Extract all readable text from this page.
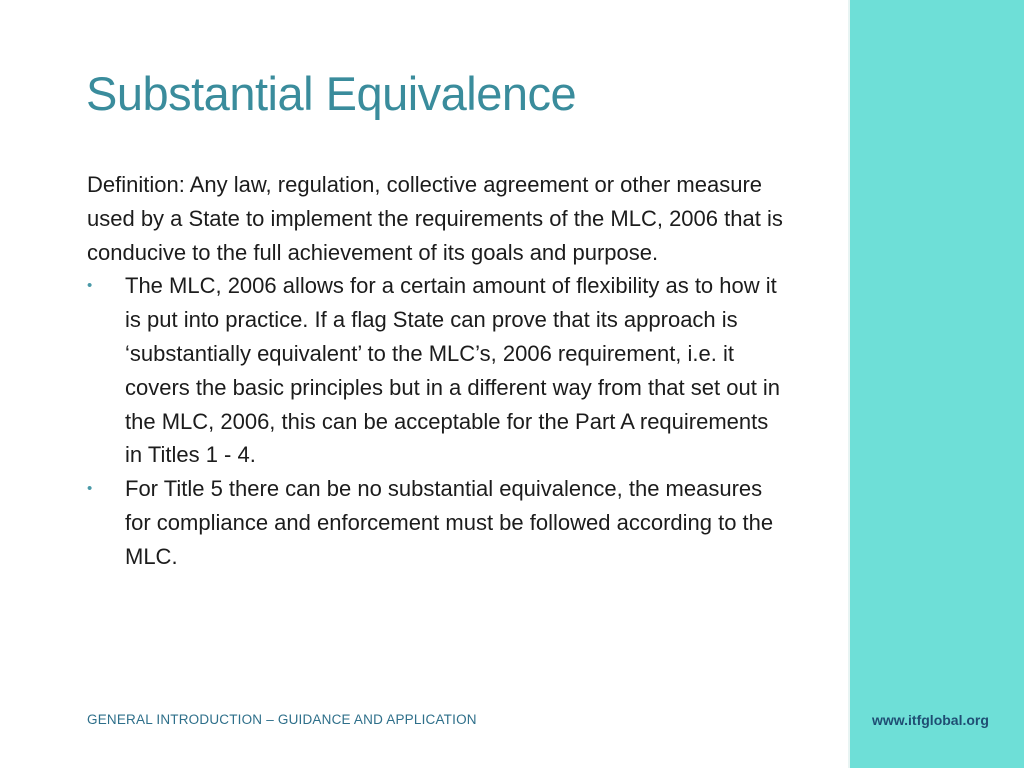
Substantial Equivalence

Definition: Any law, regulation, collective agreement or other measure used by a State to implement the requirements of the MLC, 2006 that is conducive to the full achievement of its goals and purpose.

• The MLC, 2006 allows for a certain amount of flexibility as to how it is put into practice. If a flag State can prove that its approach is ‘substantially equivalent’ to the MLC’s, 2006 requirement, i.e. it covers the basic principles but in a different way from that set out in the MLC, 2006, this can be acceptable for the Part A requirements in Titles 1 - 4.
• For Title 5 there can be no substantial equivalence, the measures for compliance and enforcement must be followed according to the MLC.
GENERAL INTRODUCTION – GUIDANCE AND APPLICATION	www.itfglobal.org
